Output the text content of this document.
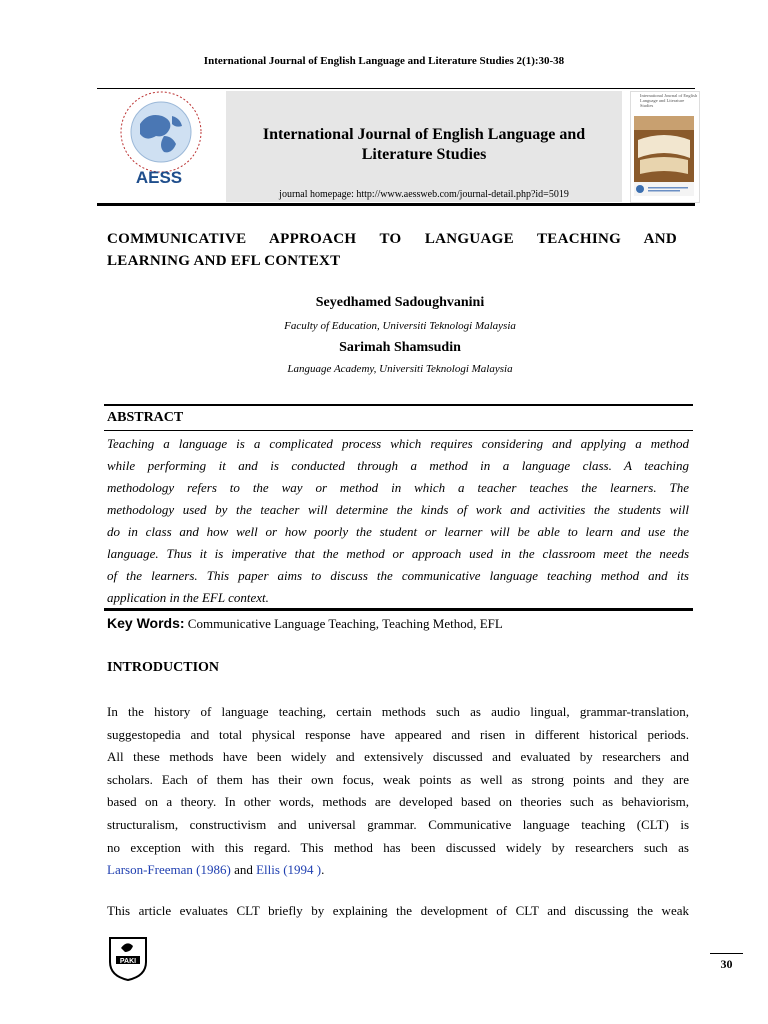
International Journal of English Language and Literature Studies 2(1):30-38
AESS
International Journal of English Language and
Literature Studies
journal homepage: http://www.aessweb.com/journal-detail.php?id=5019
International Journal of English Language and Literature Studies
COMMUNICATIVE APPROACH TO LANGUAGE TEACHING AND
LEARNING AND EFL CONTEXT
Seyedhamed Sadoughvanini
Faculty of Education, Universiti Teknologi Malaysia
Sarimah Shamsudin
Language Academy, Universiti Teknologi Malaysia
ABSTRACT
Teaching a language is a complicated process which requires considering and applying a method
while performing it and is conducted through a method in a language class. A teaching
methodology refers to the way or method in which a teacher teaches the learners. The
methodology used by the teacher will determine the kinds of work and activities the students will
do in class and how well or how poorly the student or learner will be able to learn and use the
language. Thus it is imperative that the method or approach used in the classroom meet the needs
of the learners. This paper aims to discuss the communicative language teaching method and its
application in the EFL context.
Key Words: Communicative Language Teaching, Teaching Method, EFL
INTRODUCTION
In the history of language teaching, certain methods such as audio lingual, grammar-translation,
suggestopedia and total physical response have appeared and risen in different historical periods.
All these methods have been widely and extensively discussed and evaluated by researchers and
scholars. Each of them has their own focus, weak points as well as strong points and they are
based on a theory. In other words, methods are developed based on theories such as behaviorism,
structuralism, constructivism and universal grammar. Communicative language teaching (CLT) is
no exception with this regard. This method has been discussed widely by researchers such as
Larson-Freeman (1986) and Ellis (1994 ).
This article evaluates CLT briefly by explaining the development of CLT and discussing the weak
PAKI	30
